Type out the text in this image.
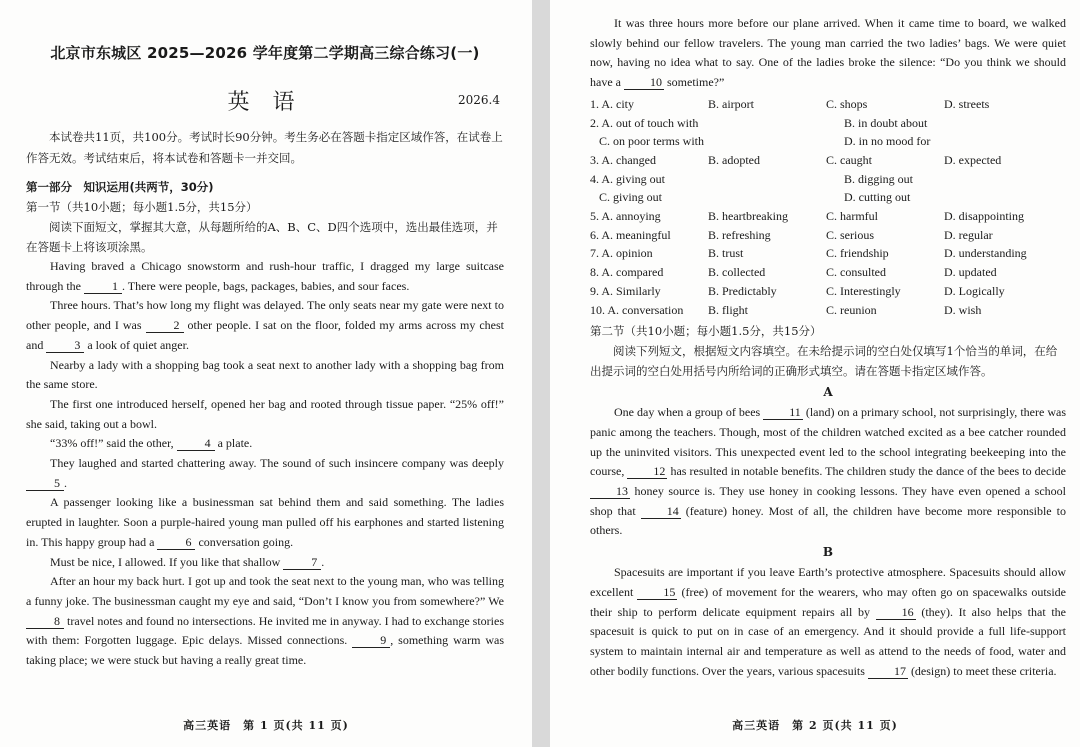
北京市东城区 2025—2026 学年度第二学期高三综合练习(一)
英 语	2026.4

本试卷共11页，共100分。考试时长90分钟。考生务必在答题卡指定区域作答，在试卷上作答无效。考试结束后，将本试卷和答题卡一并交回。

第一部分　知识运用(共两节，30分)

第一节（共10小题；每小题1.5分，共15分）

阅读下面短文，掌握其大意，从每题所给的A、B、C、D四个选项中，选出最佳选项，并在答题卡上将该项涂黑。

Having braved a Chicago snowstorm and rush-hour traffic, I dragged my large suitcase through the 1 . There were people, bags, packages, babies, and sour faces.

Three hours. That’s how long my flight was delayed. The only seats near my gate were next to other people, and I was 2 other people. I sat on the floor, folded my arms across my chest and 3 a look of quiet anger.

Nearby a lady with a shopping bag took a seat next to another lady with a shopping bag from the same store.

The first one introduced herself, opened her bag and rooted through tissue paper. “25% off!” she said, taking out a bowl.

“33% off!” said the other, 4 a plate.

They laughed and started chattering away. The sound of such insincere company was deeply 5 .

A passenger looking like a businessman sat behind them and said something. The ladies erupted in laughter. Soon a purple-haired young man pulled off his earphones and started listening in. This happy group had a 6 conversation going.

Must be nice, I allowed. If you like that shallow 7 .

After an hour my back hurt. I got up and took the seat next to the young man, who was telling a funny joke. The businessman caught my eye and said, “Don’t I know you from somewhere?” We 8 travel notes and found no intersections. He invited me in anyway. I had to exchange stories with them: Forgotten luggage. Epic delays. Missed connections. 9 , something warm was taking place; we were stuck but having a really great time.

高三英语　第 1 页(共 11 页)

It was three hours more before our plane arrived. When it came time to board, we walked slowly behind our fellow travelers. The young man carried the two ladies’ bags. We were quiet now, having no idea what to say. One of the ladies broke the silence: “Do you think we should have a 10 sometime?”

1. A. city	B. airport	C. shops	D. streets
2. A. out of touch with	B. in doubt about
C. on poor terms with	D. in no mood for
3. A. changed	B. adopted	C. caught	D. expected
4. A. giving out	B. digging out
C. giving out	D. cutting out
5. A. annoying	B. heartbreaking	C. harmful	D. disappointing
6. A. meaningful	B. refreshing	C. serious	D. regular
7. A. opinion	B. trust	C. friendship	D. understanding
8. A. compared	B. collected	C. consulted	D. updated
9. A. Similarly	B. Predictably	C. Interestingly	D. Logically
10. A. conversation	B. flight	C. reunion	D. wish

第二节（共10小题；每小题1.5分，共15分）

阅读下列短文，根据短文内容填空。在未给提示词的空白处仅填写1个恰当的单词，在给出提示词的空白处用括号内所给词的正确形式填空。请在答题卡指定区域作答。

A

One day when a group of bees 11 (land) on a primary school, not surprisingly, there was panic among the teachers. Though, most of the children watched excited as a bee catcher rounded up the uninvited visitors. This unexpected event led to the school integrating beekeeping into the course, 12 has resulted in notable benefits. The children study the dance of the bees to decide 13 honey source is. They use honey in cooking lessons. They have even opened a school shop that 14 (feature) honey. Most of all, the children have become more responsible to others.

B

Spacesuits are important if you leave Earth’s protective atmosphere. Spacesuits should allow excellent 15 (free) of movement for the wearers, who may often go on spacewalks outside their ship to perform delicate equipment repairs all by 16 (they). It also helps that the spacesuit is quick to put on in case of an emergency. And it should provide a full life-support system to maintain internal air and temperature as well as attend to the needs of food, water and other bodily functions. Over the years, various spacesuits 17 (design) to meet these criteria.

高三英语　第 2 页(共 11 页)
